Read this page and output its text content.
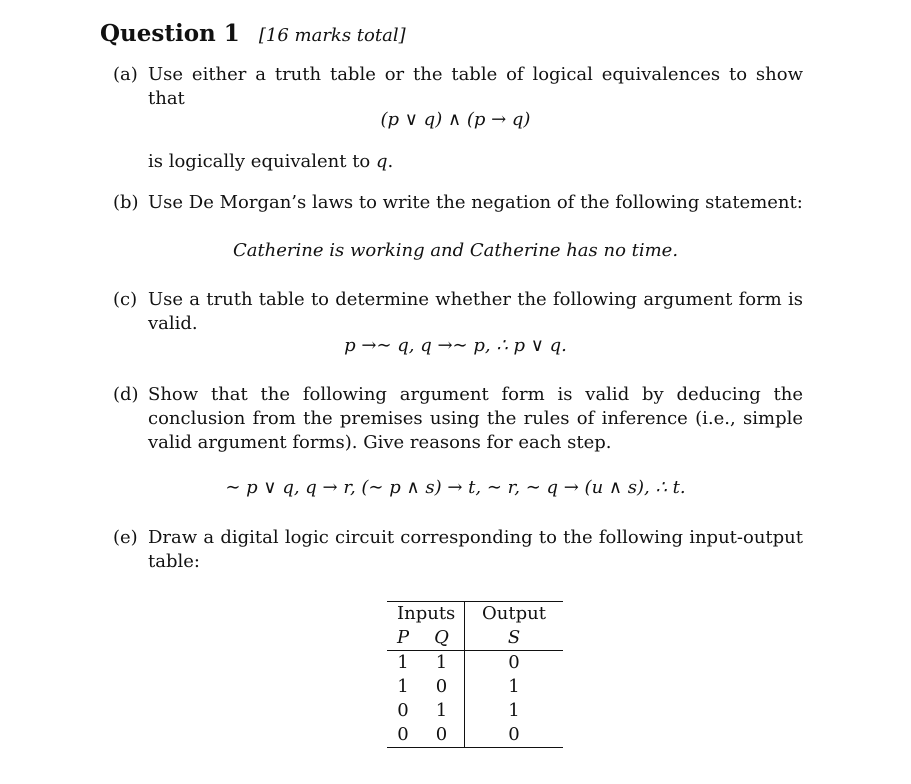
Question 1 [16 marks total]
(a) Use either a truth table or the table of logical equivalences to show that
(p ∨ q) ∧ (p → q)
is logically equivalent to q.
(b) Use De Morgan’s laws to write the negation of the following statement:
Catherine is working and Catherine has no time.
(c) Use a truth table to determine whether the following argument form is valid.
p →∼ q, q →∼ p, ∴ p ∨ q.
(d) Show that the following argument form is valid by deducing the conclusion from the premises using the rules of inference (i.e., simple valid argument forms). Give reasons for each step.
∼ p ∨ q, q → r, (∼ p ∧ s) → t, ∼ r, ∼ q → (u ∧ s), ∴ t.
(e) Draw a digital logic circuit corresponding to the following input-output table:
Inputs		Output
P	Q	S
1	1	0
1	0	1
0	1	1
0	0	0
